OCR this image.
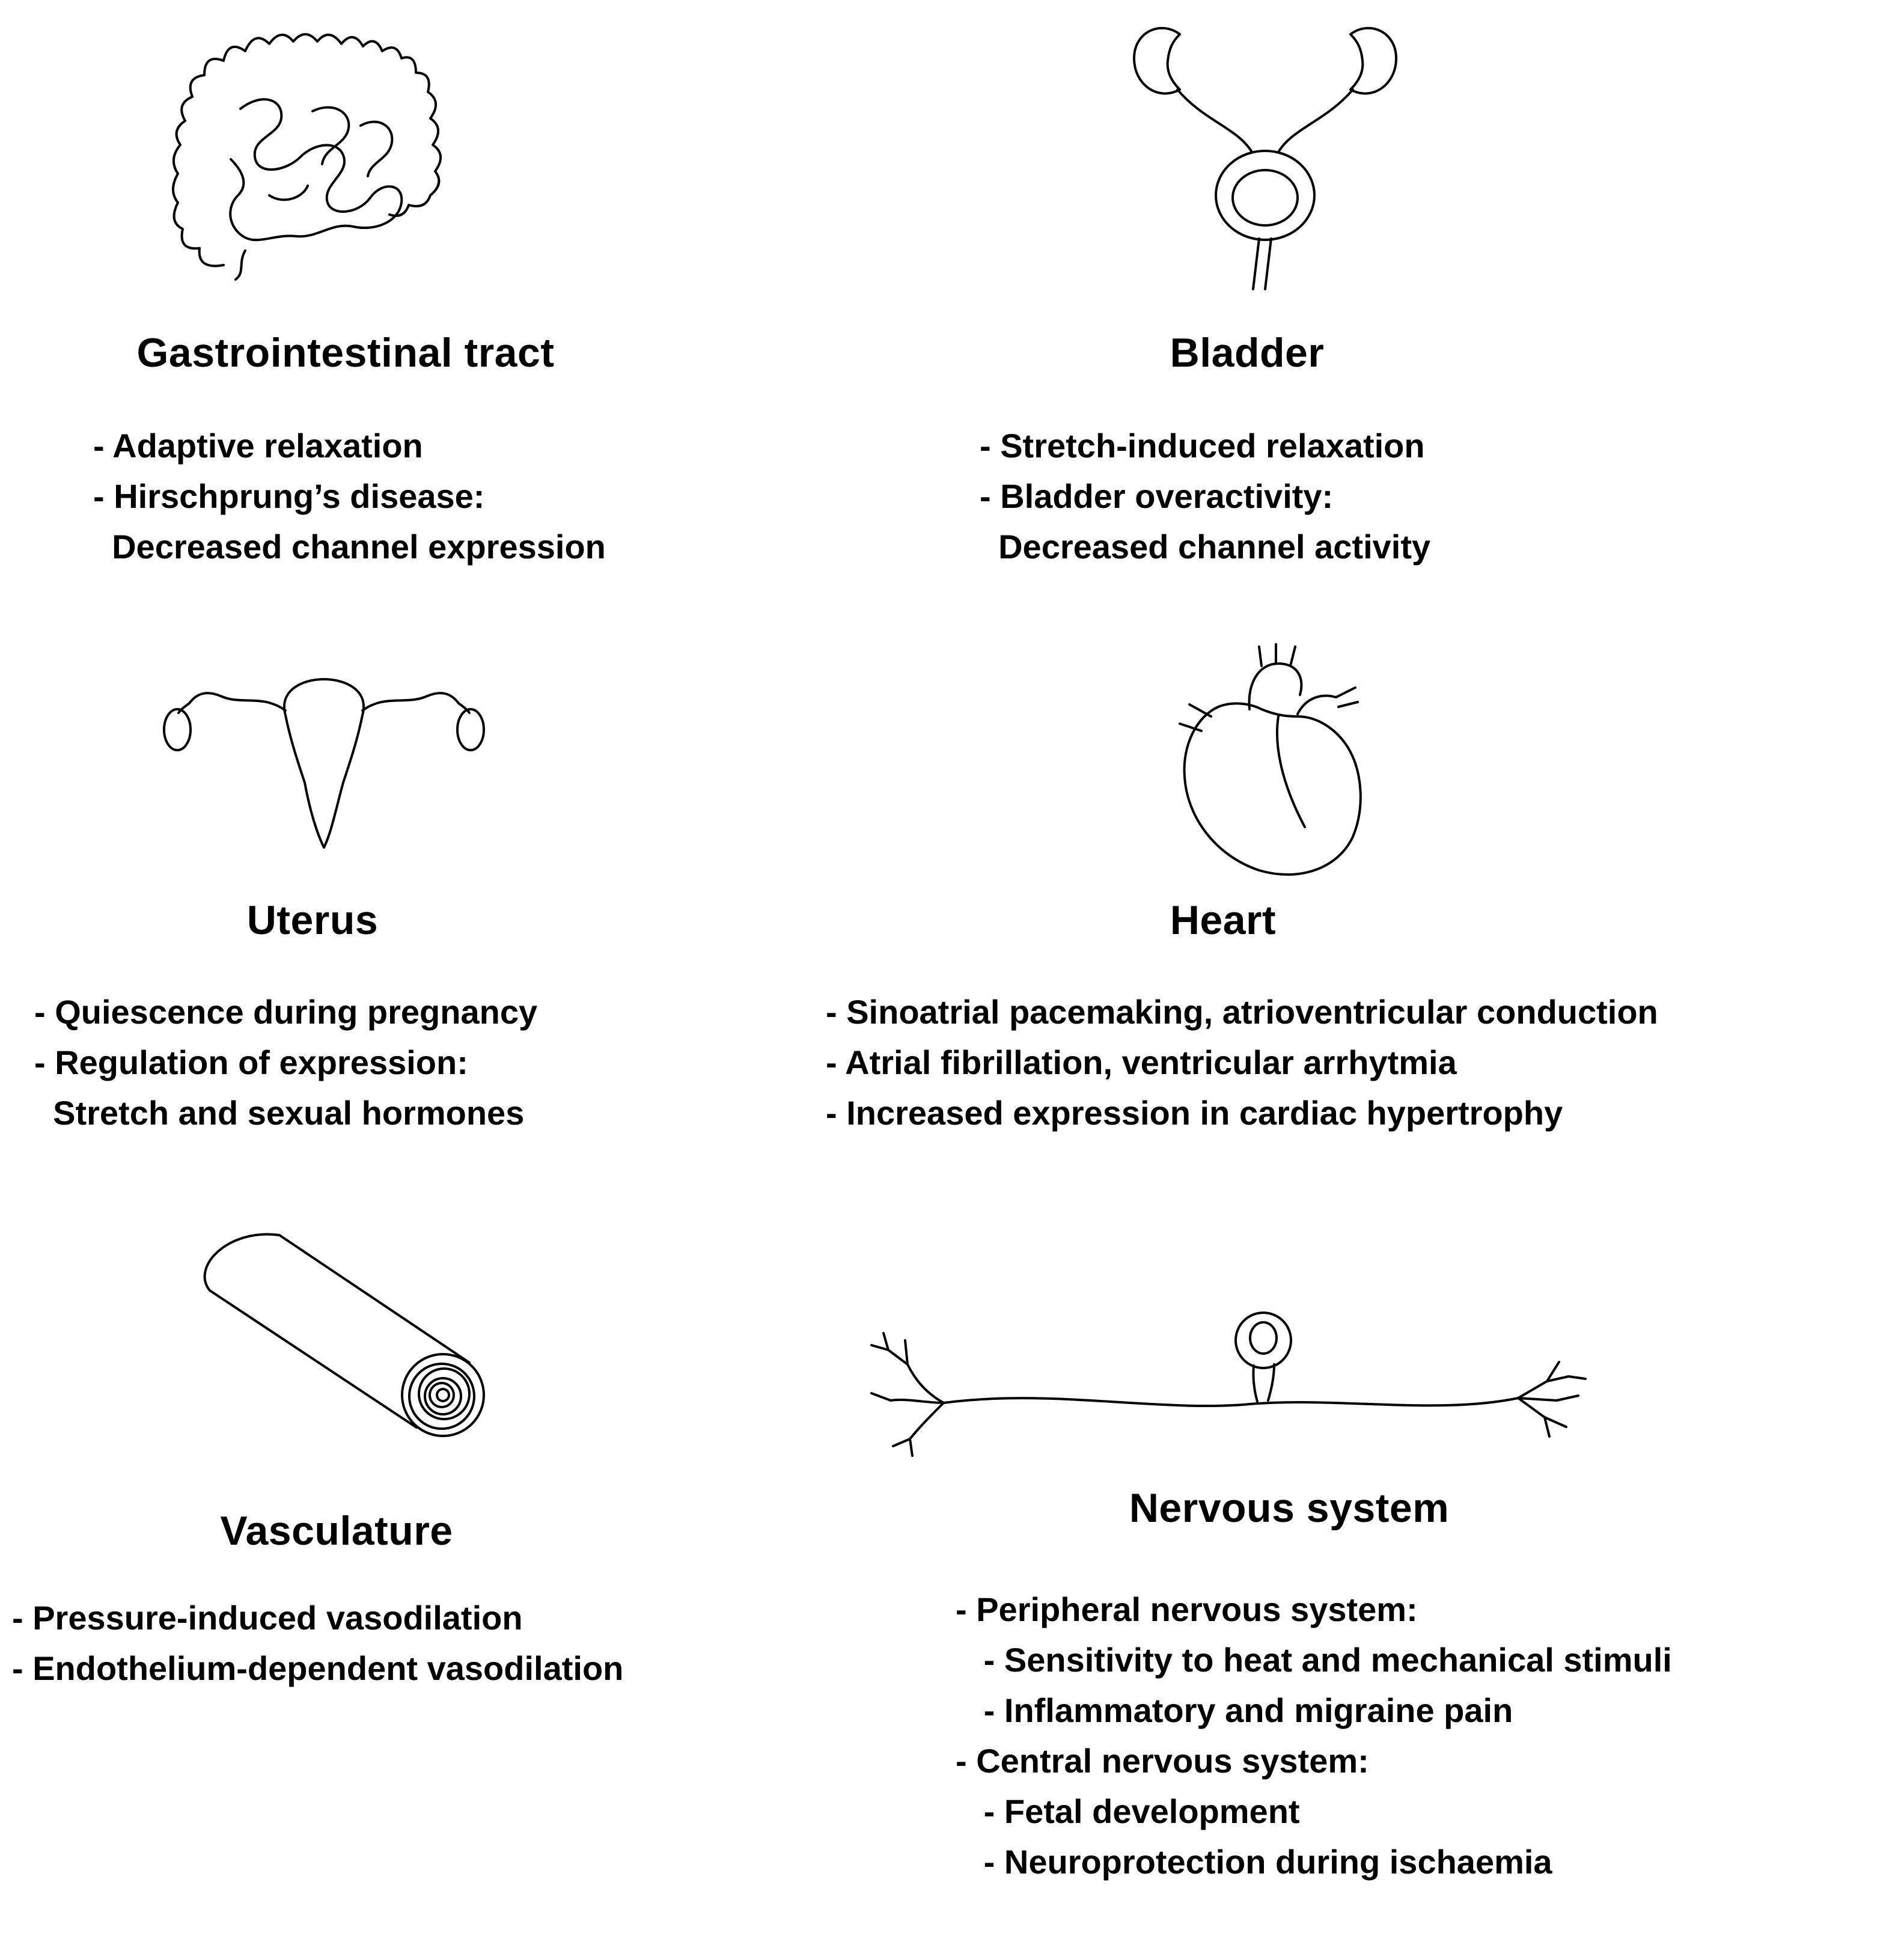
Gastrointestinal tract
- Adaptive relaxation
- Hirschprung’s disease:
Decreased channel expression
Bladder
- Stretch-induced relaxation
- Bladder overactivity:
Decreased channel activity
Uterus
- Quiescence during pregnancy
- Regulation of expression:
Stretch and sexual hormones
Heart
- Sinoatrial pacemaking, atrioventricular conduction
- Atrial fibrillation, ventricular arrhytmia
- Increased expression in cardiac hypertrophy
Vasculature
- Pressure-induced vasodilation
- Endothelium-dependent vasodilation
Nervous system
- Peripheral nervous system:
- Sensitivity to heat and mechanical stimuli
- Inflammatory and migraine pain
- Central nervous system:
- Fetal development
- Neuroprotection during ischaemia
